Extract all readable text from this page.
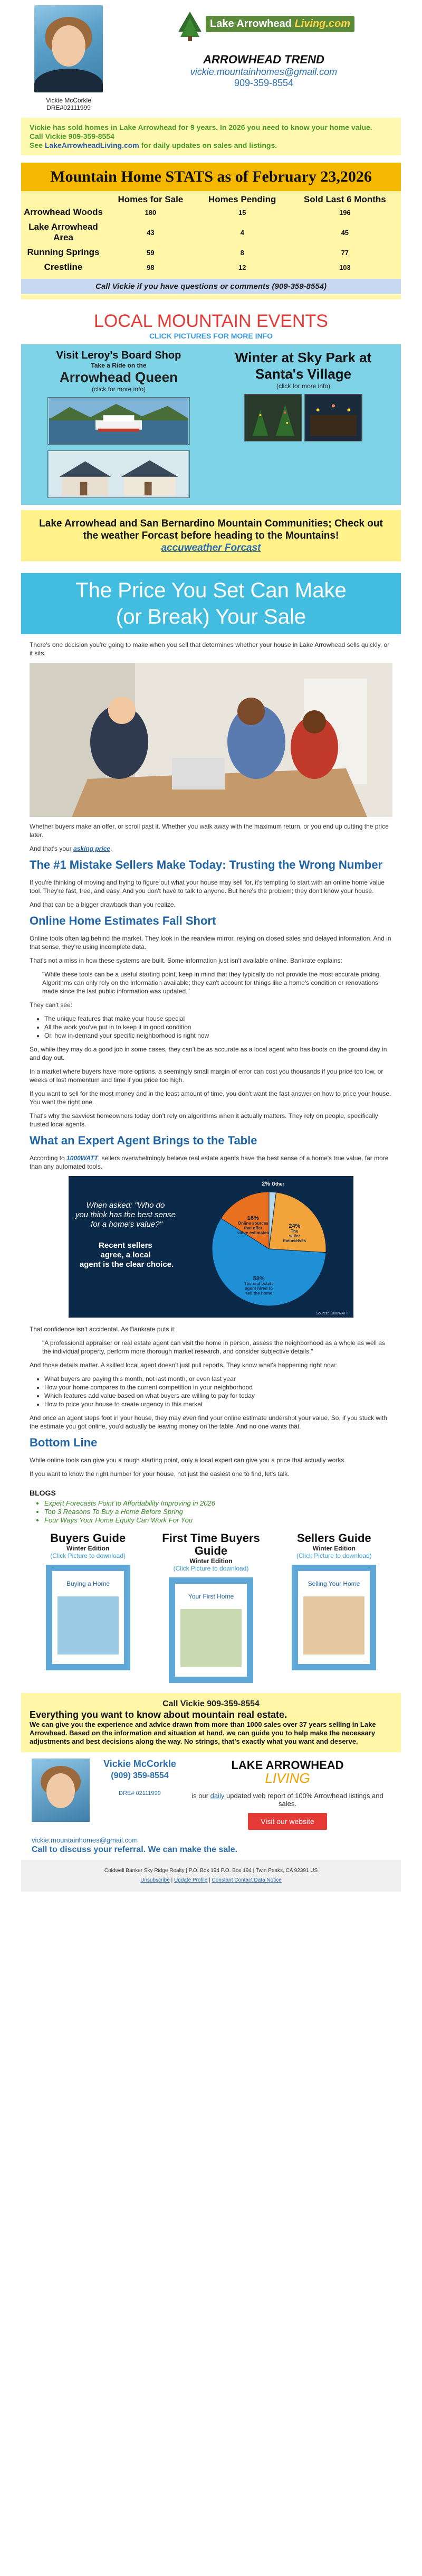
Vickie McCorkle
DRE#02111999
Lake Arrowhead Living.com
ARROWHEAD TREND
vickie.mountainhomes@gmail.com
909-359-8554

Vickie has sold homes in Lake Arrowhead for 9 years. In 2026 you need to know your home value.

Call Vickie 909-359-8554

See LakeArrowheadLiving.com for daily updates on sales and listings.

Mountain Home STATS as of February 23,2026
	Homes for Sale	Homes Pending	Sold Last 6 Months
Arrowhead Woods	180	15	196
Lake Arrowhead Area	43	4	45
Running Springs	59	8	77
Crestline	98	12	103
Call Vickie if you have questions or comments (909-359-8554)
LOCAL MOUNTAIN EVENTS
CLICK PICTURES FOR MORE INFO
Visit Leroy's Board Shop
Take a Ride on the
Arrowhead Queen
(click for more info)

Winter at Sky Park at Santa's Village
(click for more info)

Lake Arrowhead and San Bernardino Mountain Communities; Check out the weather Forcast before heading to the Mountains!

accuweather Forcast

The Price You Set Can Make
(or Break) Your Sale

There's one decision you're going to make when you sell that determines whether your house in Lake Arrowhead sells quickly, or it sits.

Whether buyers make an offer, or scroll past it. Whether you walk away with the maximum return, or you end up cutting the price later.

And that's your asking price.

The #1 Mistake Sellers Make Today: Trusting the Wrong Number

If you're thinking of moving and trying to figure out what your house may sell for, it's tempting to start with an online home value tool. They're fast, free, and easy. And you don't have to talk to anyone. But here's the problem; they don't know your house.

And that can be a bigger drawback than you realize.

Online Home Estimates Fall Short

Online tools often lag behind the market. They look in the rearview mirror, relying on closed sales and delayed information. And in that sense, they're using incomplete data.

That's not a miss in how these systems are built. Some information just isn't available online. Bankrate explains:

"While these tools can be a useful starting point, keep in mind that they typically do not provide the most accurate pricing. Algorithms can only rely on the information available; they can't account for things like a home's condition or renovations made since the last public information was updated."

They can't see:

• The unique features that make your house special
• All the work you've put in to keep it in good condition
• Or, how in-demand your specific neighborhood is right now

So, while they may do a good job in some cases, they can't be as accurate as a local agent who has boots on the ground day in and day out.

In a market where buyers have more options, a seemingly small margin of error can cost you thousands if you price too low, or weeks of lost momentum and time if you price too high.

If you want to sell for the most money and in the least amount of time, you don't want the fast answer on how to price your house. You want the right one.

That's why the savviest homeowners today don't rely on algorithms when it actually matters. They rely on people, specifically trusted local agents.

What an Expert Agent Brings to the Table

According to 1000WATT, sellers overwhelmingly believe real estate agents have the best sense of a home's true value, far more than any automated tools.

When asked: "Who do you think has the best sense for a home's value?"
Recent sellers agree, a local agent is the clear choice.
16% Online sources that offer value estimates
2% Other
24% The seller themselves
58% The real estate agent hired to sell the home
Source: 1000WATT

That confidence isn't accidental. As Bankrate puts it:

"A professional appraiser or real estate agent can visit the home in person, assess the neighborhood as a whole as well as the individual property, perform more thorough market research, and consider subjective details."

And those details matter. A skilled local agent doesn't just pull reports. They know what's happening right now:

• What buyers are paying this month, not last month, or even last year
• How your home compares to the current competition in your neighborhood
• Which features add value based on what buyers are willing to pay for today
• How to price your house to create urgency in this market

And once an agent steps foot in your house, they may even find your online estimate undershot your value. So, if you stuck with the estimate you got online, you'd actually be leaving money on the table. And no one wants that.

Bottom Line

While online tools can give you a rough starting point, only a local expert can give you a price that actually works.

If you want to know the right number for your house, not just the easiest one to find, let's talk.

BLOGS
• Expert Forecasts Point to Affordability Improving in 2026
• Top 3 Reasons To Buy a Home Before Spring
• Four Ways Your Home Equity Can Work For You
Buyers Guide
Winter Edition
(Click Picture to download)
Buying a Home
First Time Buyers Guide
Winter Edition
(Click Picture to download)
Your First Home
Sellers Guide
Winter Edition
(Click Picture to download)
Selling Your Home
Call Vickie 909-359-8554
Everything you want to know about mountain real estate.

We can give you the experience and advice drawn from more than 1000 sales over 37 years selling in Lake Arrowhead. Based on the information and situation at hand, we can guide you to help make the necessary adjustments and best decisions along the way. No strings, that's exactly what you want and deserve.

Vickie McCorkle
(909) 359-8554
DRE# 02111999
LAKE ARROWHEAD
LIVING
is our daily updated web report of 100% Arrowhead listings and sales.
Visit our website
vickie.mountainhomes@gmail.com
Call to discuss your referral. We can make the sale.
Coldwell Banker Sky Ridge Realty | P.O. Box 194 P.O. Box 194 | Twin Peaks, CA 92391 US
Unsubscribe | Update Profile | Constant Contact Data Notice
